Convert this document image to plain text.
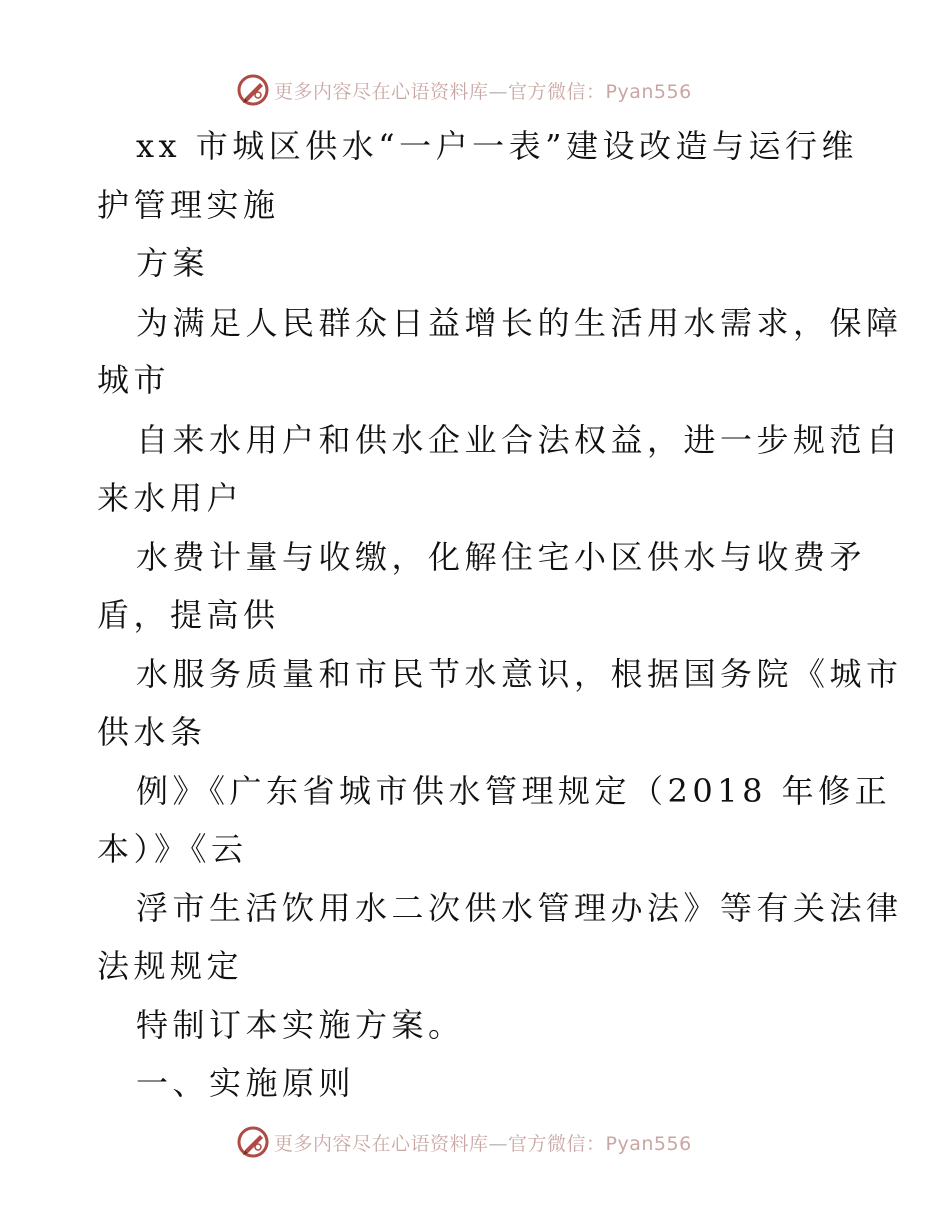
更多内容尽在心语资料库—官方微信：Pyan556
xx 市城区供水“一户一表”建设改造与运行维
护管理实施
方案
为满足人民群众日益增长的生活用水需求，保障
城市
自来水用户和供水企业合法权益，进一步规范自
来水用户
水费计量与收缴，化解住宅小区供水与收费矛
盾，提高供
水服务质量和市民节水意识，根据国务院《城市
供水条
例》《广东省城市供水管理规定（2018 年修正
本）》《云
浮市生活饮用水二次供水管理办法》等有关法律
法规规定
特制订本实施方案。
一、实施原则
更多内容尽在心语资料库—官方微信：Pyan556
